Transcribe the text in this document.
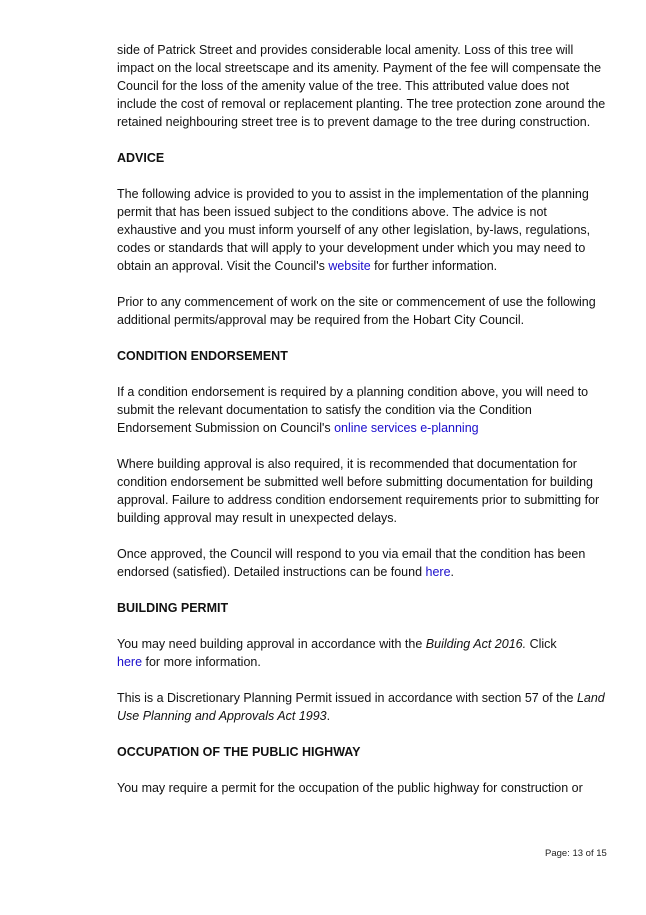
side of Patrick Street and provides considerable local amenity. Loss of this tree will impact on the local streetscape and its amenity. Payment of the fee will compensate the Council for the loss of the amenity value of the tree. This attributed value does not include the cost of removal or replacement planting. The tree protection zone around the retained neighbouring street tree is to prevent damage to the tree during construction.

ADVICE

The following advice is provided to you to assist in the implementation of the planning permit that has been issued subject to the conditions above. The advice is not exhaustive and you must inform yourself of any other legislation, by-laws, regulations, codes or standards that will apply to your development under which you may need to obtain an approval. Visit the Council's website for further information.

Prior to any commencement of work on the site or commencement of use the following additional permits/approval may be required from the Hobart City Council.

CONDITION ENDORSEMENT

If a condition endorsement is required by a planning condition above, you will need to submit the relevant documentation to satisfy the condition via the Condition Endorsement Submission on Council's online services e-planning

Where building approval is also required, it is recommended that documentation for condition endorsement be submitted well before submitting documentation for building approval. Failure to address condition endorsement requirements prior to submitting for building approval may result in unexpected delays.

Once approved, the Council will respond to you via email that the condition has been endorsed (satisfied). Detailed instructions can be found here.

BUILDING PERMIT

You may need building approval in accordance with the Building Act 2016. Click
here for more information.

This is a Discretionary Planning Permit issued in accordance with section 57 of the Land Use Planning and Approvals Act 1993.

OCCUPATION OF THE PUBLIC HIGHWAY

You may require a permit for the occupation of the public highway for construction or

Page: 13 of 15
